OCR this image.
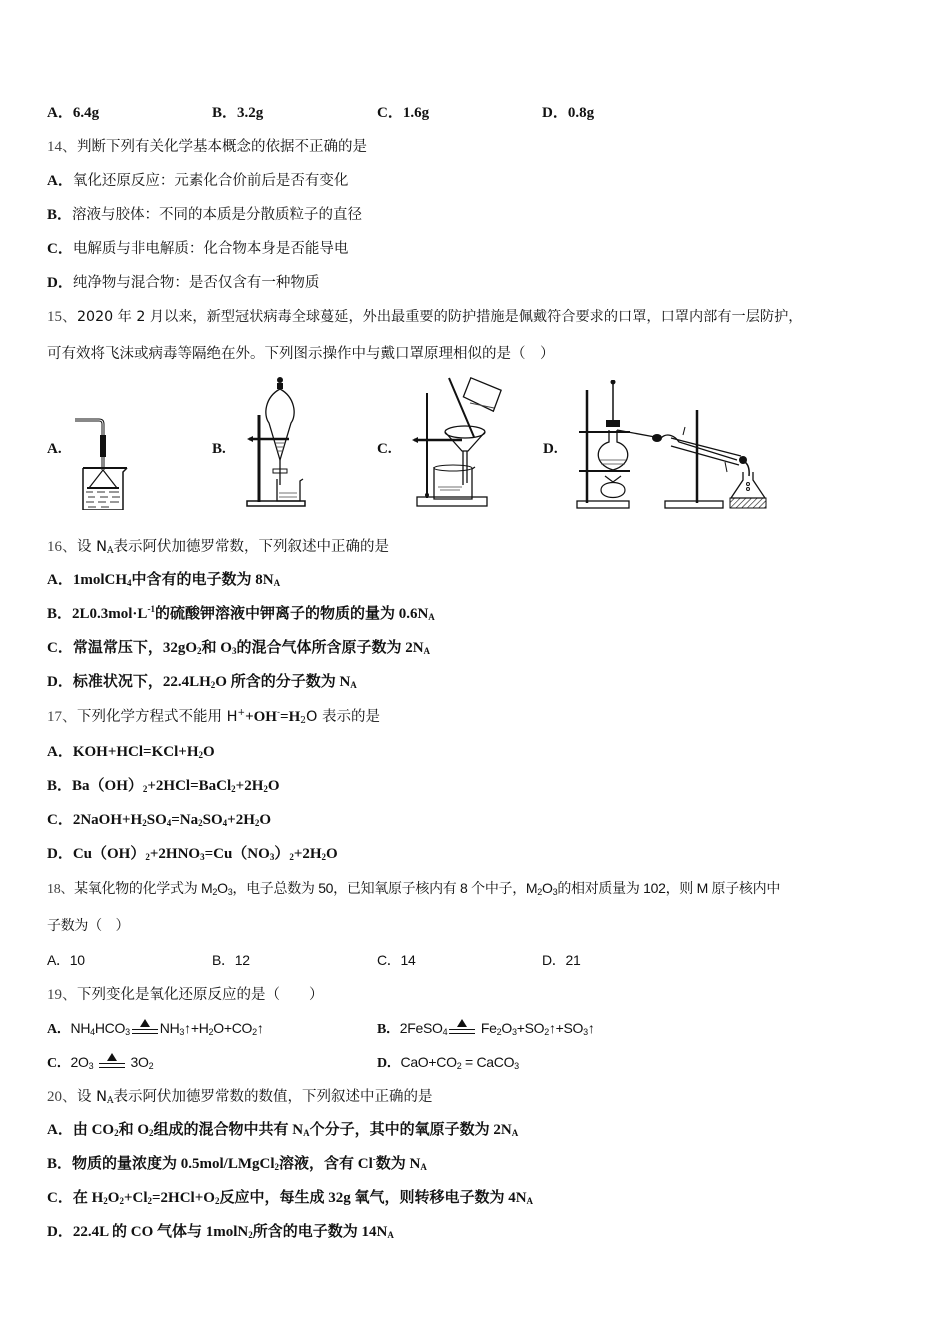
A．6.4g	B．3.2g	C．1.6g	D．0.8g
14、判断下列有关化学基本概念的依据不正确的是
A．氧化还原反应：元素化合价前后是否有变化
B．溶液与胶体：不同的本质是分散质粒子的直径
C．电解质与非电解质：化合物本身是否能导电
D．纯净物与混合物：是否仅含有一种物质
15、2020 年 2 月以来，新型冠状病毒全球蔓延，外出最重要的防护措施是佩戴符合要求的口罩，口罩内部有一层防护，
可有效将飞沫或病毒等隔绝在外。下列图示操作中与戴口罩原理相似的是（　）
A.	B.	C.	D.
16、设 $N_A$表示阿伏加德罗常数，下列叙述中正确的是
A．1molCH$_4$中含有的电子数为 $8N_A$
B．$2L0.3mol\cdot L^{-1}$的硫酸钾溶液中钾离子的物质的量为 $0.6N_A$
C．常温常压下，$32gO_2$和 $O_3$的混合气体所含原子数为 $2N_A$
D．标准状况下，$22.4LH_2O$ 所含的分子数为 $N_A$
17、下列化学方程式不能用 $H^++OH^-=H_2O$ 表示的是
A．$KOH+HCl=KCl+H_2O$
B．$Ba(OH)_2+2HCl=BaCl_2+2H_2O$
C．$2NaOH+H_2SO_4=Na_2SO_4+2H_2O$
D．$Cu(OH)_2+2HNO_3=Cu(NO_3)_2+2H_2O$
18、某氧化物的化学式为 $M_2O_3$，电子总数为 50，已知氧原子核内有 8 个中子，$M_2O_3$的相对质量为 102，则 M 原子核内中
子数为（　）
A．10	B．12	C．14	D．21
19、下列变化是氧化还原反应的是（　　）
A．$NH_4HCO_3$ $NH_3↑+H_2O+CO_2↑$	B．2FeSO$_4$ $Fe_2O_3+SO_2↑+SO_3↑$
C．$2O_3$	$3O_2$	D．$CaO+CO_2$ = CaCO$_3$
20、设 $N_A$表示阿伏加德罗常数的数值，下列叙述中正确的是
A．由 $CO_2$和 $O_2$组成的混合物中共有 $N_A$个分子，其中的氧原子数为 $2N_A$
B．物质的量浓度为 0.5mol/LMgCl$_2$溶液，含有 Cl-数为 $N_A$
C．在 $H_2O_2+Cl_2=2HCl+O_2$反应中，每生成 32g 氧气，则转移电子数为 $4N_A$
D．22.4L 的 CO 气体与 1molN$_2$所含的电子数为 $14N_A$
